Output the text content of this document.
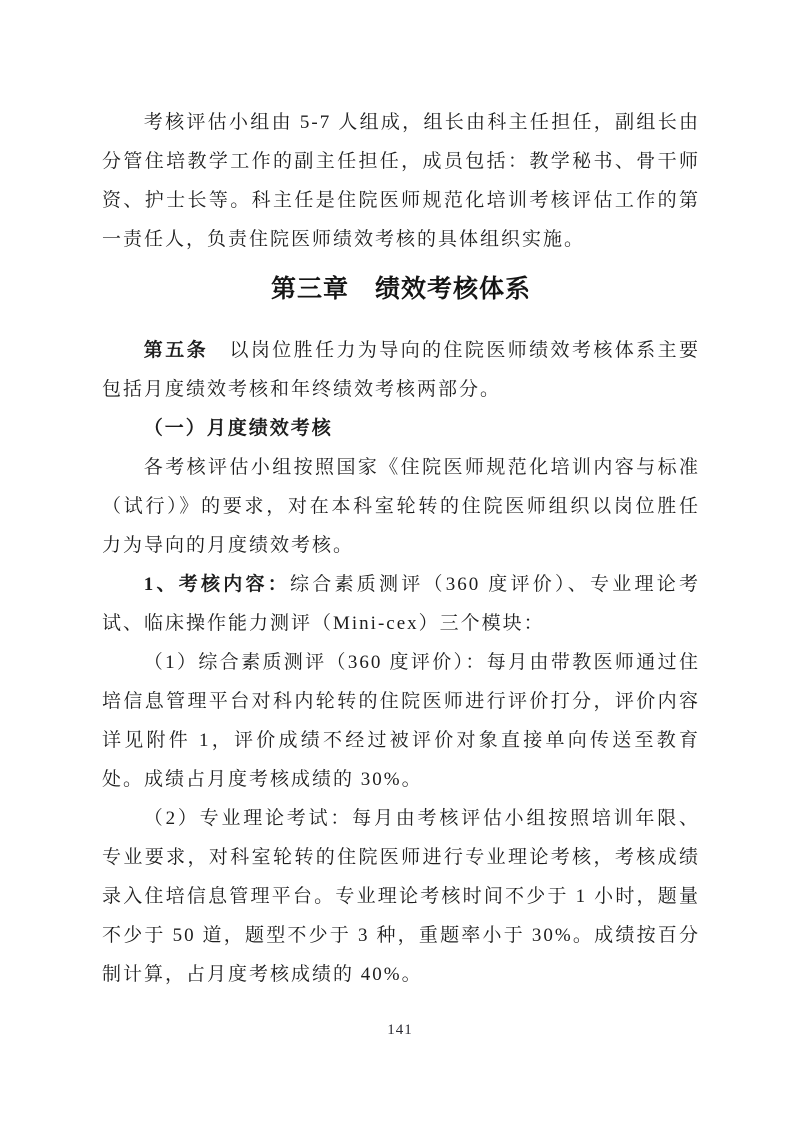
考核评估小组由 5-7 人组成，组长由科主任担任，副组长由分管住培教学工作的副主任担任，成员包括：教学秘书、骨干师资、护士长等。科主任是住院医师规范化培训考核评估工作的第一责任人，负责住院医师绩效考核的具体组织实施。

第三章　绩效考核体系

第五条　以岗位胜任力为导向的住院医师绩效考核体系主要包括月度绩效考核和年终绩效考核两部分。

（一）月度绩效考核

各考核评估小组按照国家《住院医师规范化培训内容与标准（试行）》的要求，对在本科室轮转的住院医师组织以岗位胜任力为导向的月度绩效考核。

1、考核内容：综合素质测评（360 度评价）、专业理论考试、临床操作能力测评（Mini-cex）三个模块：

（1）综合素质测评（360 度评价）：每月由带教医师通过住培信息管理平台对科内轮转的住院医师进行评价打分，评价内容详见附件 1，评价成绩不经过被评价对象直接单向传送至教育处。成绩占月度考核成绩的 30%。

（2）专业理论考试：每月由考核评估小组按照培训年限、专业要求，对科室轮转的住院医师进行专业理论考核，考核成绩录入住培信息管理平台。专业理论考核时间不少于 1 小时，题量不少于 50 道，题型不少于 3 种，重题率小于 30%。成绩按百分制计算，占月度考核成绩的 40%。

141
